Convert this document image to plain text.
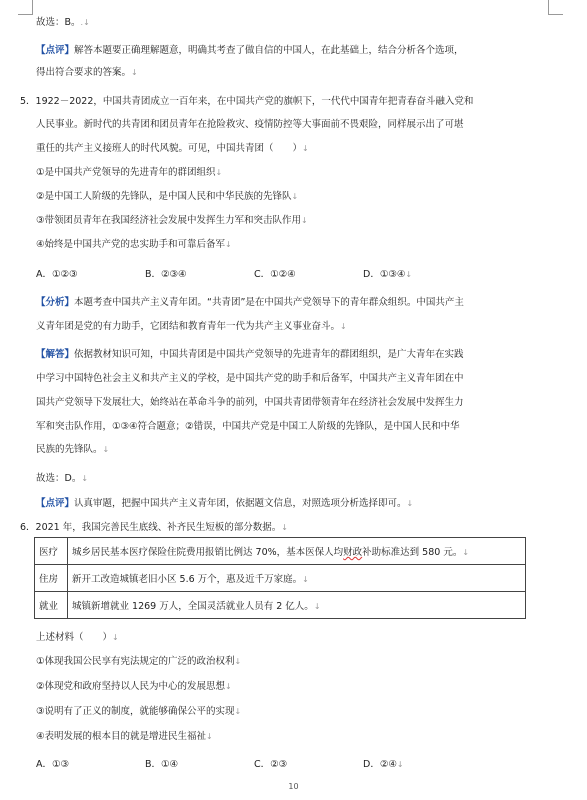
故选：B。.↓
【点评】解答本题要正确理解题意，明确其考查了做自信的中国人，在此基础上，结合分析各个选项，
得出符合要求的答案。↓
5．1922－2022，中国共青团成立一百年来，在中国共产党的旗帜下，一代代中国青年把青春奋斗融入党和
人民事业。新时代的共青团和团员青年在抢险救灾、疫情防控等大事面前不畏艰险，同样展示出了可堪
重任的共产主义接班人的时代风貌。可见，中国共青团（　　）↓
①是中国共产党领导的先进青年的群团组织↓
②是中国工人阶级的先锋队，是中国人民和中华民族的先锋队↓
③带领团员青年在我国经济社会发展中发挥生力军和突击队作用↓
④始终是中国共产党的忠实助手和可靠后备军↓
A．①②③	B．②③④	C．①②④	D．①③④↓
【分析】本题考查中国共产主义青年团。“共青团”是在中国共产党领导下的青年群众组织。中国共产主
义青年团是党的有力助手，它团结和教育青年一代为共产主义事业奋斗。↓
【解答】依据教材知识可知，中国共青团是中国共产党领导的先进青年的群团组织，是广大青年在实践
中学习中国特色社会主义和共产主义的学校，是中国共产党的助手和后备军，中国共产主义青年团在中
国共产党领导下发展壮大，始终站在革命斗争的前列，中国共青团带领青年在经济社会发展中发挥生力
军和突击队作用，①③④符合题意；②错误，中国共产党是中国工人阶级的先锋队，是中国人民和中华
民族的先锋队。↓
故选：D。↓
【点评】认真审题，把握中国共产主义青年团，依据题文信息，对照选项分析选择即可。↓
6．2021 年，我国完善民生底线、补齐民生短板的部分数据。↓
医疗	城乡居民基本医疗保险住院费用报销比例达 70%，基本医保人均财政补助标准达到 580 元。↓
住房	新开工改造城镇老旧小区 5.6 万个，惠及近千万家庭。↓
就业	城镇新增就业 1269 万人，全国灵活就业人员有 2 亿人。↓
上述材料（　　）↓
①体现我国公民享有宪法规定的广泛的政治权利↓
②体现党和政府坚持以人民为中心的发展思想↓
③说明有了正义的制度，就能够确保公平的实现↓
④表明发展的根本目的就是增进民生福祉↓
A．①③	B．①④	C．②③	D．②④↓
10
